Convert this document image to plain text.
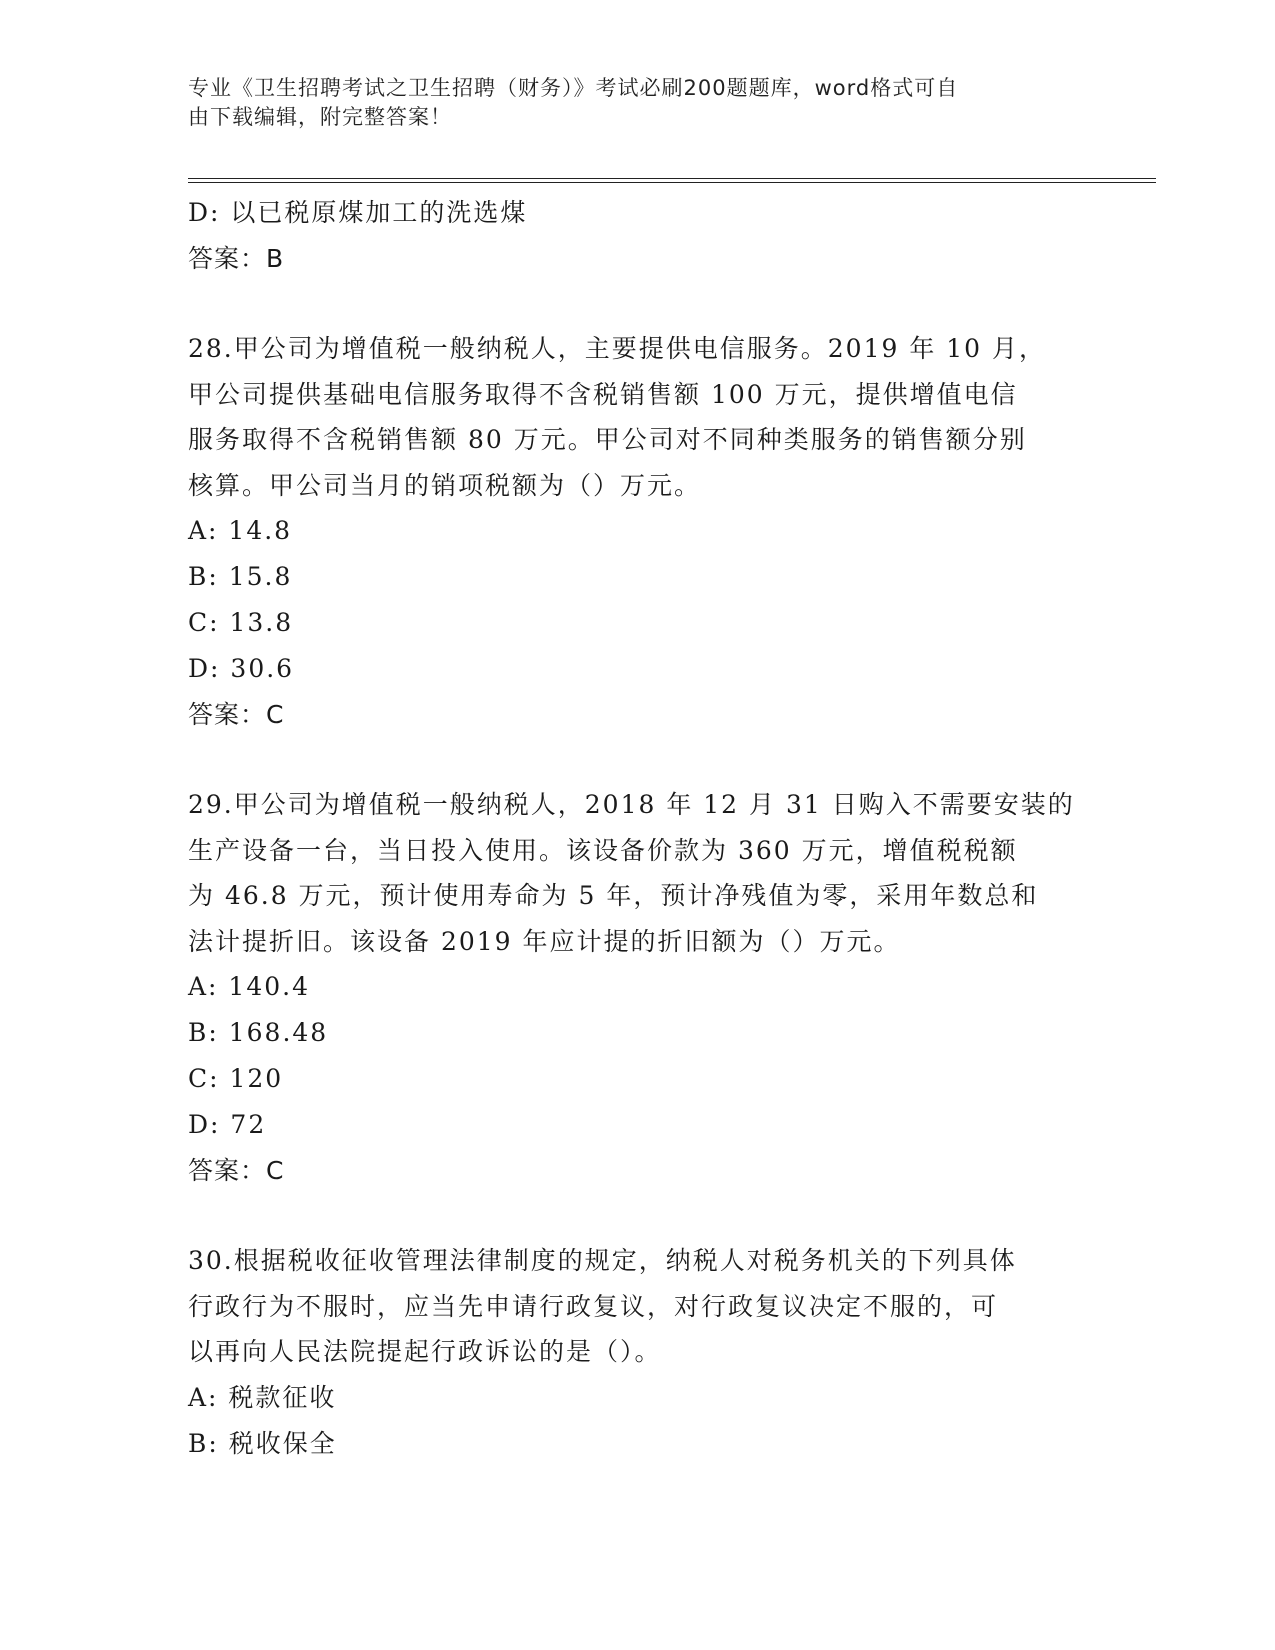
专业《卫生招聘考试之卫生招聘（财务）》考试必刷200题题库，word格式可自
由下载编辑，附完整答案！
D: 以已税原煤加工的洗选煤
答案：B
28.甲公司为增值税一般纳税人，主要提供电信服务。2019 年 10 月，
甲公司提供基础电信服务取得不含税销售额 100 万元，提供增值电信
服务取得不含税销售额 80 万元。甲公司对不同种类服务的销售额分别
核算。甲公司当月的销项税额为（）万元。
A: 14.8
B: 15.8
C: 13.8
D: 30.6
答案：C
29.甲公司为增值税一般纳税人，2018 年 12 月 31 日购入不需要安装的
生产设备一台，当日投入使用。该设备价款为 360 万元，增值税税额
为 46.8 万元，预计使用寿命为 5 年，预计净残值为零，采用年数总和
法计提折旧。该设备 2019 年应计提的折旧额为（）万元。
A: 140.4
B: 168.48
C: 120
D: 72
答案：C
30.根据税收征收管理法律制度的规定，纳税人对税务机关的下列具体
行政行为不服时，应当先申请行政复议，对行政复议决定不服的，可
以再向人民法院提起行政诉讼的是（）。
A: 税款征收
B: 税收保全
